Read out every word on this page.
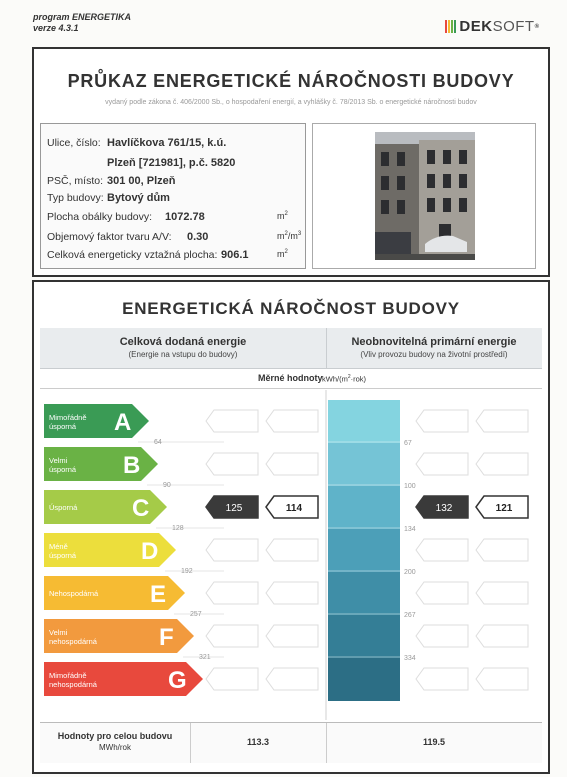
program ENERGETIKA
verze 4.3.1	DEK SOFT ®
PRŮKAZ ENERGETICKÉ NÁROČNOSTI BUDOVY
vydaný podle zákona č. 406/2000 Sb., o hospodaření energií, a vyhlášky č. 78/2013 Sb. o energetické náročnosti budov
Ulice, číslo: Havlíčkova 761/15, k.ú.
Plzeň [721981], p.č. 5820
PSČ, místo: 301 00, Plzeň
Typ budovy: Bytový dům
Plocha obálky budovy: 1072.78	$m^2$
Objemový faktor tvaru A/V: 0.30	$m^2/m^3$
Celková energeticky vztažná plocha: 906.1	$m^2$
ENERGETICKÁ NÁROČNOST BUDOVY
Celková dodaná energie
(Energie na vstupu do budovy)
Neobnovitelná primární energie
(Vliv provozu budovy na životní prostředí)
Měrné hodnoty kWh/$(m^2\cdot rok)$
Mimořádně
úsporná A
64
Velmi
úsporná B
90
Úsporná C
128
Méně
úsporná	D
192
Nehospodárná E
257
Velmi
nehospodárná	F
321
Mimořádně
nehospodárná	G
67
100
134
200
267
334
125	114	132	121
Hodnoty pro celou budovu
MWh/rok
113.3	119.5
